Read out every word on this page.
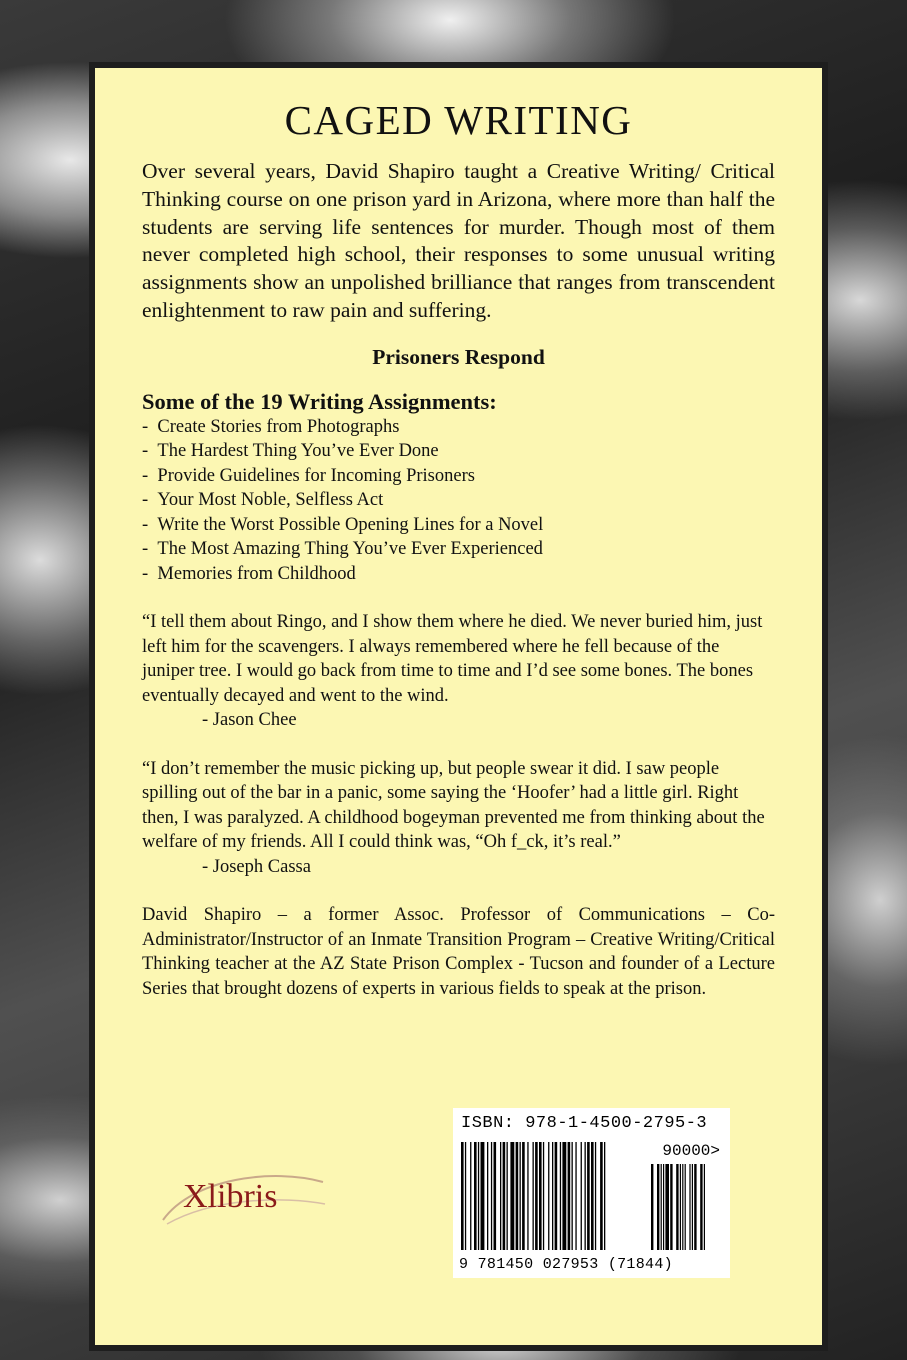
CAGED WRITING

Over several years, David Shapiro taught a Creative Writing/ Critical Thinking course on one prison yard in Arizona, where more than half the students are serving life sentences for murder. Though most of them never completed high school, their responses to some unusual writing assignments show an unpolished brilliance that ranges from transcendent enlightenment to raw pain and suffering.

Prisoners Respond
Some of the 19 Writing Assignments:
-  Create Stories from Photographs
-  The Hardest Thing You’ve Ever Done
-  Provide Guidelines for Incoming Prisoners
-  Your Most Noble, Selfless Act
-  Write the Worst Possible Opening Lines for a Novel
-  The Most Amazing Thing You’ve Ever Experienced
-  Memories from Childhood

“I tell them about Ringo, and I show them where he died. We never buried him, just left him for the scavengers. I always remembered where he fell because of the juniper tree. I would go back from time to time and I’d see some bones. The bones eventually decayed and went to the wind.
- Jason Chee

“I don’t remember the music picking up, but people swear it did. I saw people spilling out of the bar in a panic, some saying the ‘Hoofer’ had a little girl. Right then, I was paralyzed. A childhood bogeyman prevented me from thinking about the welfare of my friends. All I could think was, “Oh f_ck, it’s real.”
- Joseph Cassa

David Shapiro – a former Assoc. Professor of Communications – Co-Administrator/Instructor of an Inmate Transition Program – Creative Writing/Critical Thinking teacher at the AZ State Prison Complex - Tucson and founder of a Lecture Series that brought dozens of experts in various fields to speak at the prison.

Xlibris
ISBN: 978-1-4500-2795-3
90000>
9 781450 027953 (71844)
